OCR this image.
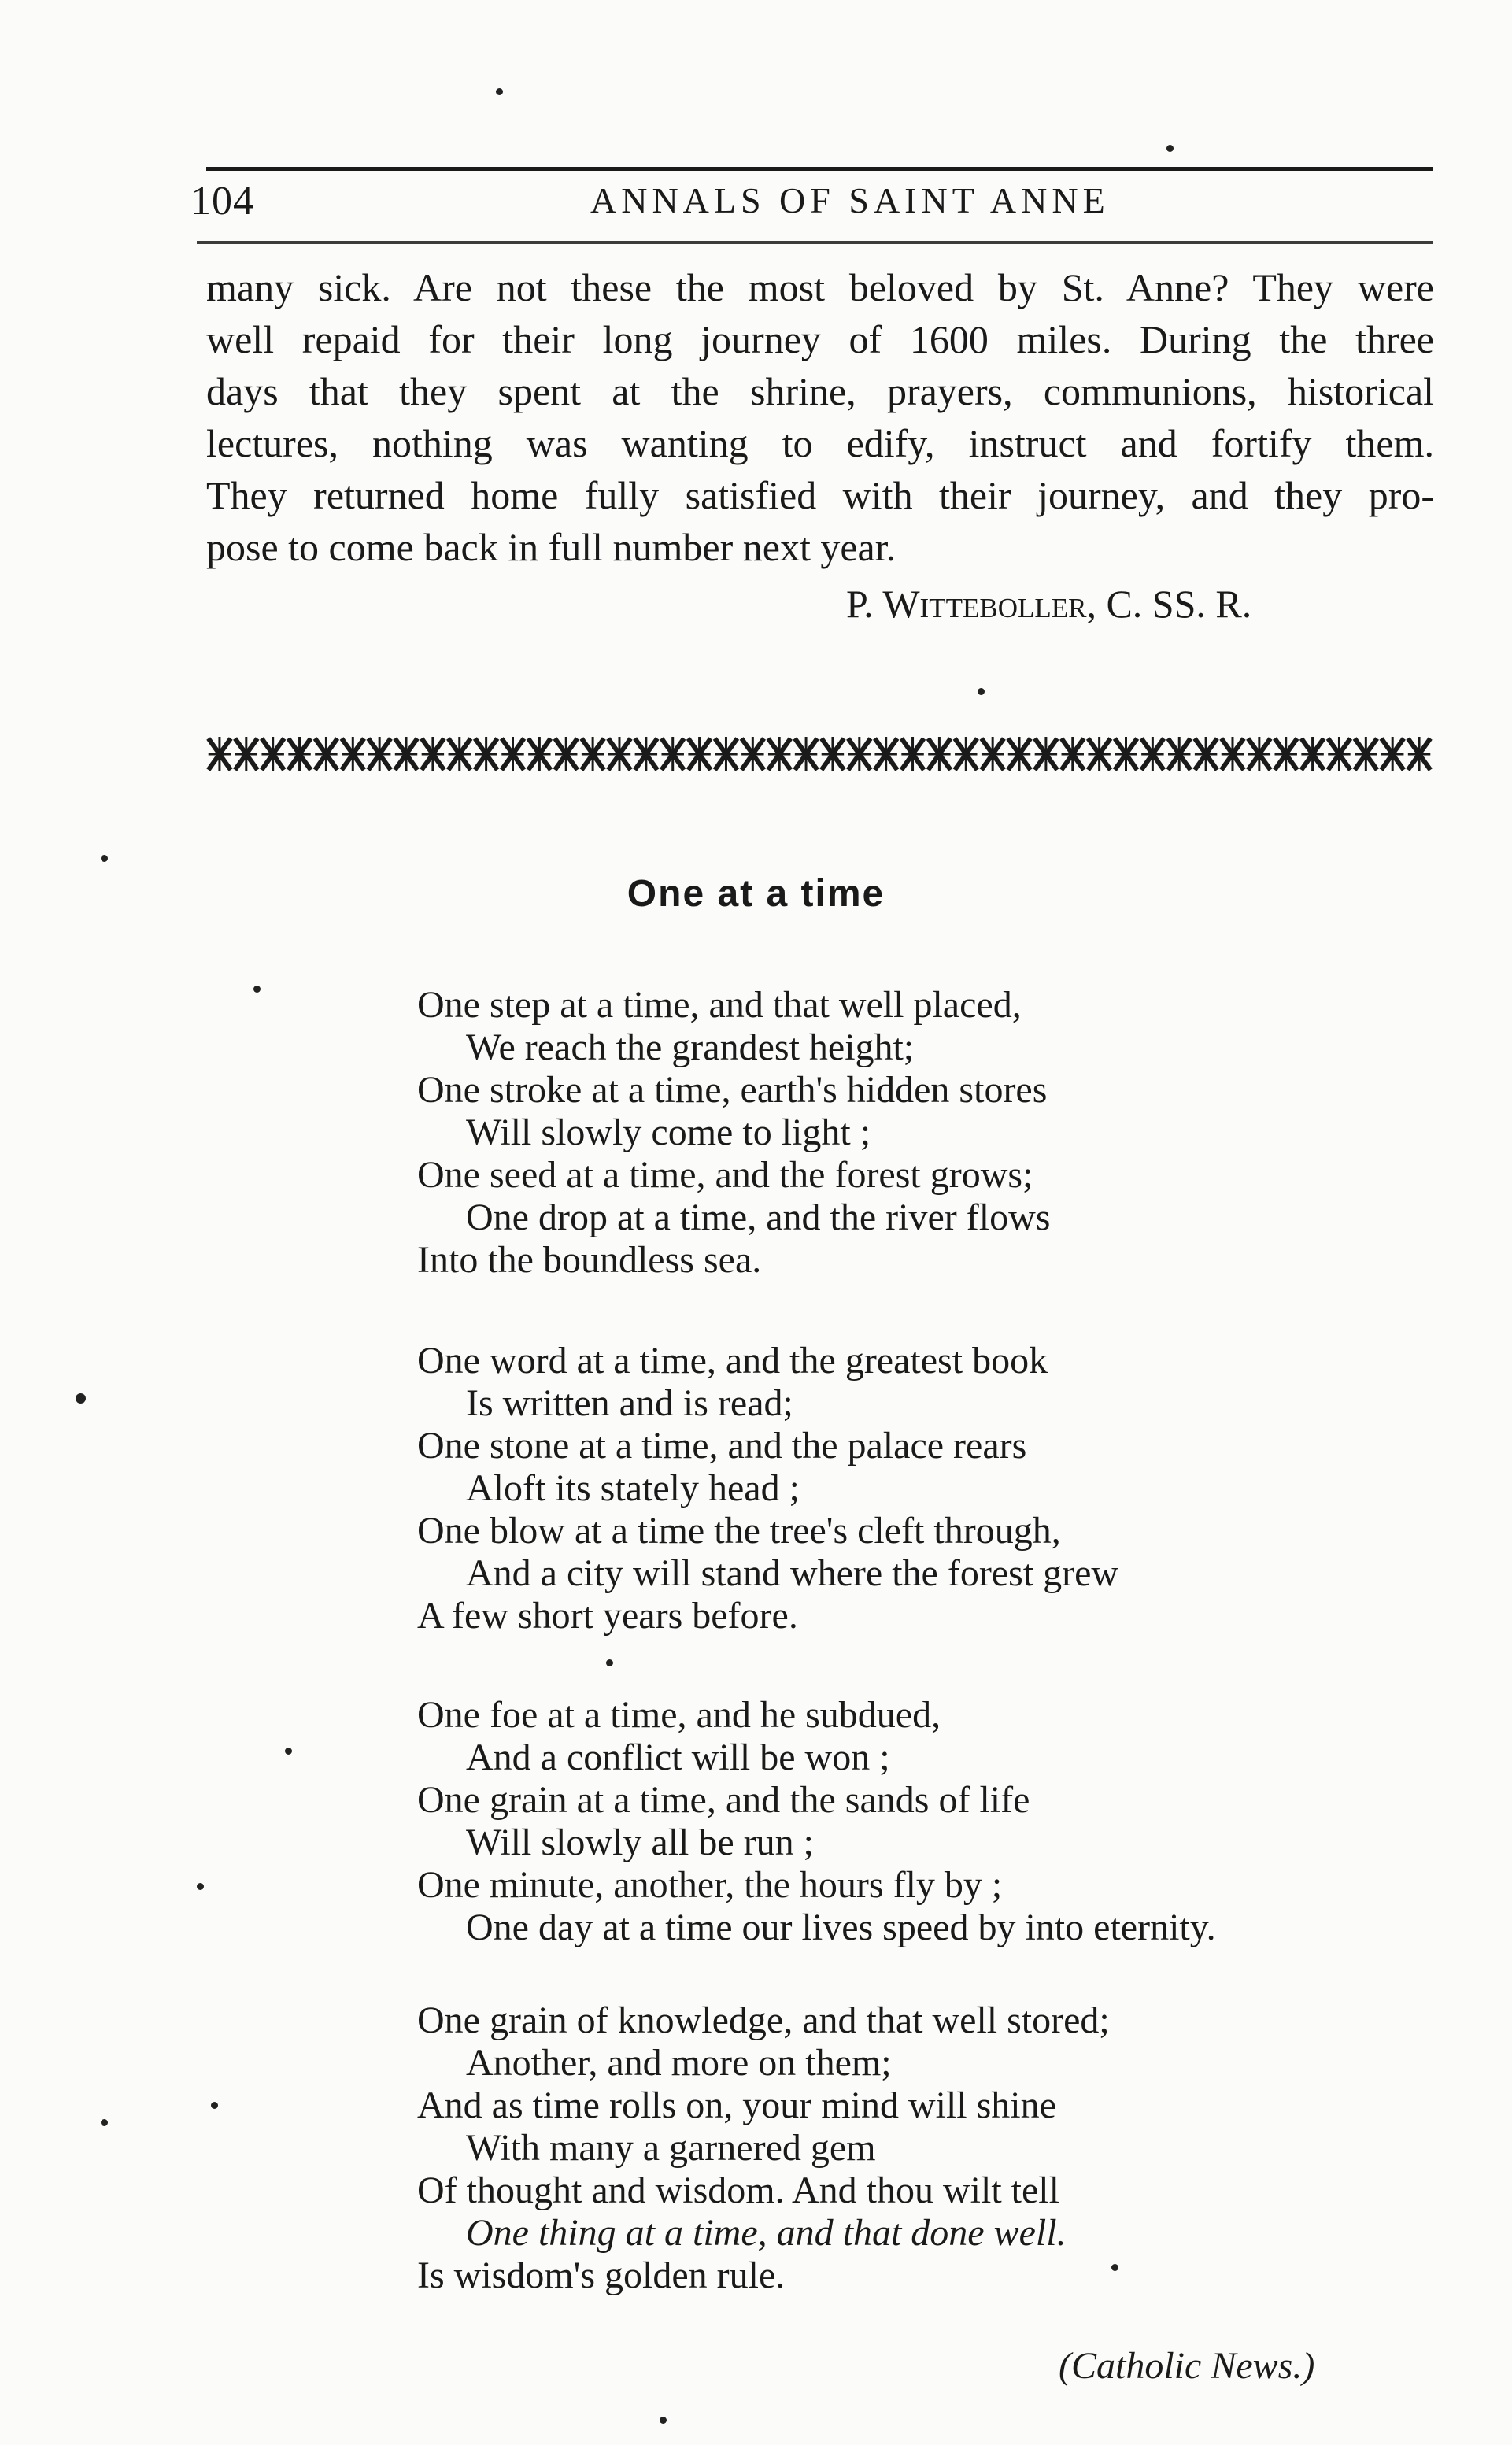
104	ANNALS OF SAINT ANNE
many sick. Are not these the most beloved by St. Anne? They were
well repaid for their long journey of 1600 miles. During the three
days that they spent at the shrine, prayers, communions, historical
lectures, nothing was wanting to edify, instruct and fortify them.
They returned home fully satisfied with their journey, and they pro-
pose to come back in full number next year.
P. Witteboller, C. SS. R.
One at a time
One step at a time, and that well placed,
We reach the grandest height;
One stroke at a time, earth's hidden stores
Will slowly come to light ;
One seed at a time, and the forest grows;
One drop at a time, and the river flows
Into the boundless sea.
One word at a time, and the greatest book
Is written and is read;
One stone at a time, and the palace rears
Aloft its stately head ;
One blow at a time the tree's cleft through,
And a city will stand where the forest grew
A few short years before.
One foe at a time, and he subdued,
And a conflict will be won ;
One grain at a time, and the sands of life
Will slowly all be run ;
One minute, another, the hours fly by ;
One day at a time our lives speed by into eternity.
One grain of knowledge, and that well stored;
Another, and more on them;
And as time rolls on, your mind will shine
With many a garnered gem
Of thought and wisdom. And thou wilt tell
One thing at a time, and that done well.
Is wisdom's golden rule.
(Catholic News.)
